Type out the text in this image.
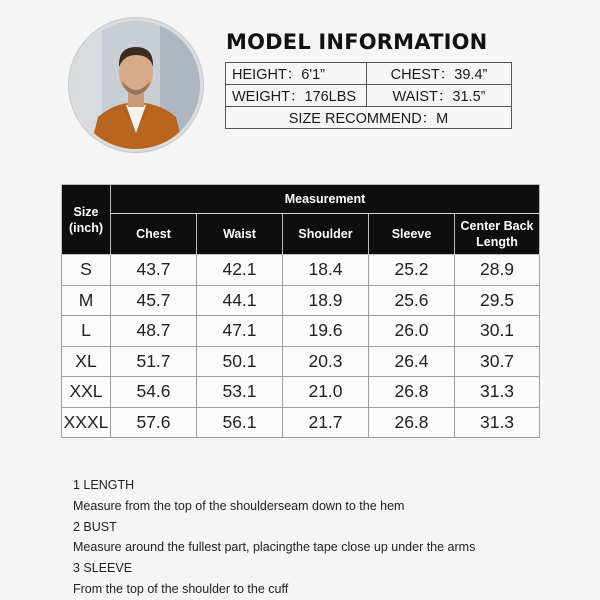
MODEL INFORMATION
HEIGHT：6'1”	CHEST：39.4”
WEIGHT：176LBS	WAIST：31.5”
SIZE RECOMMEND：M	
Size
(inch)	Measurement				
	Chest	Waist	Shoulder	Sleeve	Center Back
Length
S	43.7	42.1	18.4	25.2	28.9
M	45.7	44.1	18.9	25.6	29.5
L	48.7	47.1	19.6	26.0	30.1
XL	51.7	50.1	20.3	26.4	30.7
XXL	54.6	53.1	21.0	26.8	31.3
XXXL	57.6	56.1	21.7	26.8	31.3
1 LENGTH
Measure from the top of the shoulderseam down to the hem
2 BUST
Measure around the fullest part, placingthe tape close up under the arms
3 SLEEVE
From the top of the shoulder to the cuff
